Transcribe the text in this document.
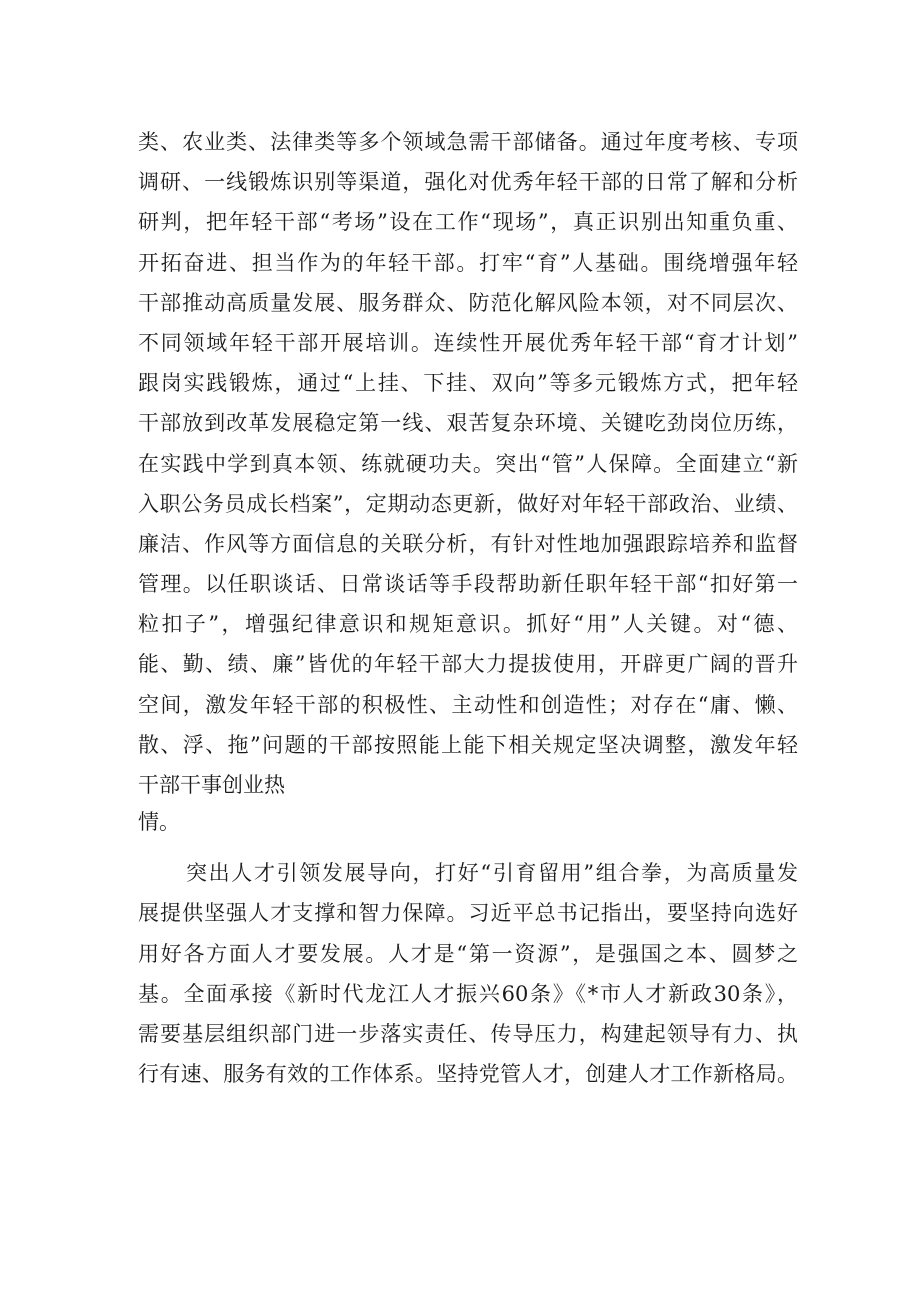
类、农业类、法律类等多个领域急需干部储备。通过年度考核、专项
调研、一线锻炼识别等渠道，强化对优秀年轻干部的日常了解和分析
研判，把年轻干部“考场”设在工作“现场”，真正识别出知重负重、
开拓奋进、担当作为的年轻干部。打牢“育”人基础。围绕增强年轻
干部推动高质量发展、服务群众、防范化解风险本领，对不同层次、
不同领域年轻干部开展培训。连续性开展优秀年轻干部“育才计划”
跟岗实践锻炼，通过“上挂、下挂、双向”等多元锻炼方式，把年轻
干部放到改革发展稳定第一线、艰苦复杂环境、关键吃劲岗位历练，
在实践中学到真本领、练就硬功夫。突出“管”人保障。全面建立“新
入职公务员成长档案”，定期动态更新，做好对年轻干部政治、业绩、
廉洁、作风等方面信息的关联分析，有针对性地加强跟踪培养和监督
管理。以任职谈话、日常谈话等手段帮助新任职年轻干部“扣好第一
粒扣子”，增强纪律意识和规矩意识。抓好“用”人关键。对“德、
能、勤、绩、廉”皆优的年轻干部大力提拔使用，开辟更广阔的晋升
空间，激发年轻干部的积极性、主动性和创造性；对存在“庸、懒、
散、浮、拖”问题的干部按照能上能下相关规定坚决调整，激发年轻
干部干事创业热
情。
突出人才引领发展导向，打好“引育留用”组合拳，为高质量发
展提供坚强人才支撑和智力保障。习近平总书记指出，要坚持向选好
用好各方面人才要发展。人才是“第一资源”，是强国之本、圆梦之
基。全面承接《新时代龙江人才振兴60条》《*市人才新政30条》，
需要基层组织部门进一步落实责任、传导压力，构建起领导有力、执
行有速、服务有效的工作体系。坚持党管人才，创建人才工作新格局。
